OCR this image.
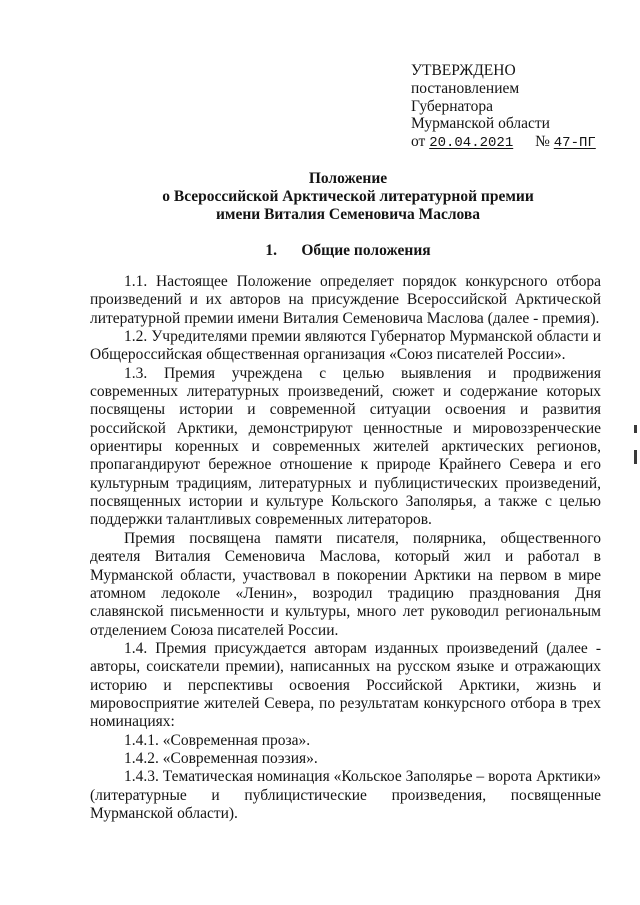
УТВЕРЖДЕНО
постановлением
Губернатора
Мурманской области
от 20.04.2021 № 47-ПГ
Положение
о Всероссийской Арктической литературной премии
имени Виталия Семеновича Маслова
1. Общие положения

1.1. Настоящее Положение определяет порядок конкурсного отбора произведений и их авторов на присуждение Всероссийской Арктической литературной премии имени Виталия Семеновича Маслова (далее - премия).

1.2. Учредителями премии являются Губернатор Мурманской области и Общероссийская общественная организация «Союз писателей России».

1.3. Премия учреждена с целью выявления и продвижения современных литературных произведений, сюжет и содержание которых посвящены истории и современной ситуации освоения и развития российской Арктики, демонстрируют ценностные и мировоззренческие ориентиры коренных и современных жителей арктических регионов, пропагандируют бережное отношение к природе Крайнего Севера и его культурным традициям, литературных и публицистических произведений, посвященных истории и культуре Кольского Заполярья, а также с целью поддержки талантливых современных литераторов.

Премия посвящена памяти писателя, полярника, общественного деятеля Виталия Семеновича Маслова, который жил и работал в Мурманской области, участвовал в покорении Арктики на первом в мире атомном ледоколе «Ленин», возродил традицию празднования Дня славянской письменности и культуры, много лет руководил региональным отделением Союза писателей России.

1.4. Премия присуждается авторам изданных произведений (далее - авторы, соискатели премии), написанных на русском языке и отражающих историю и перспективы освоения Российской Арктики, жизнь и мировосприятие жителей Севера, по результатам конкурсного отбора в трех номинациях:

1.4.1. «Современная проза».

1.4.2. «Современная поэзия».

1.4.3. Тематическая номинация «Кольское Заполярье – ворота Арктики» (литературные и публицистические произведения, посвященные Мурманской области).
